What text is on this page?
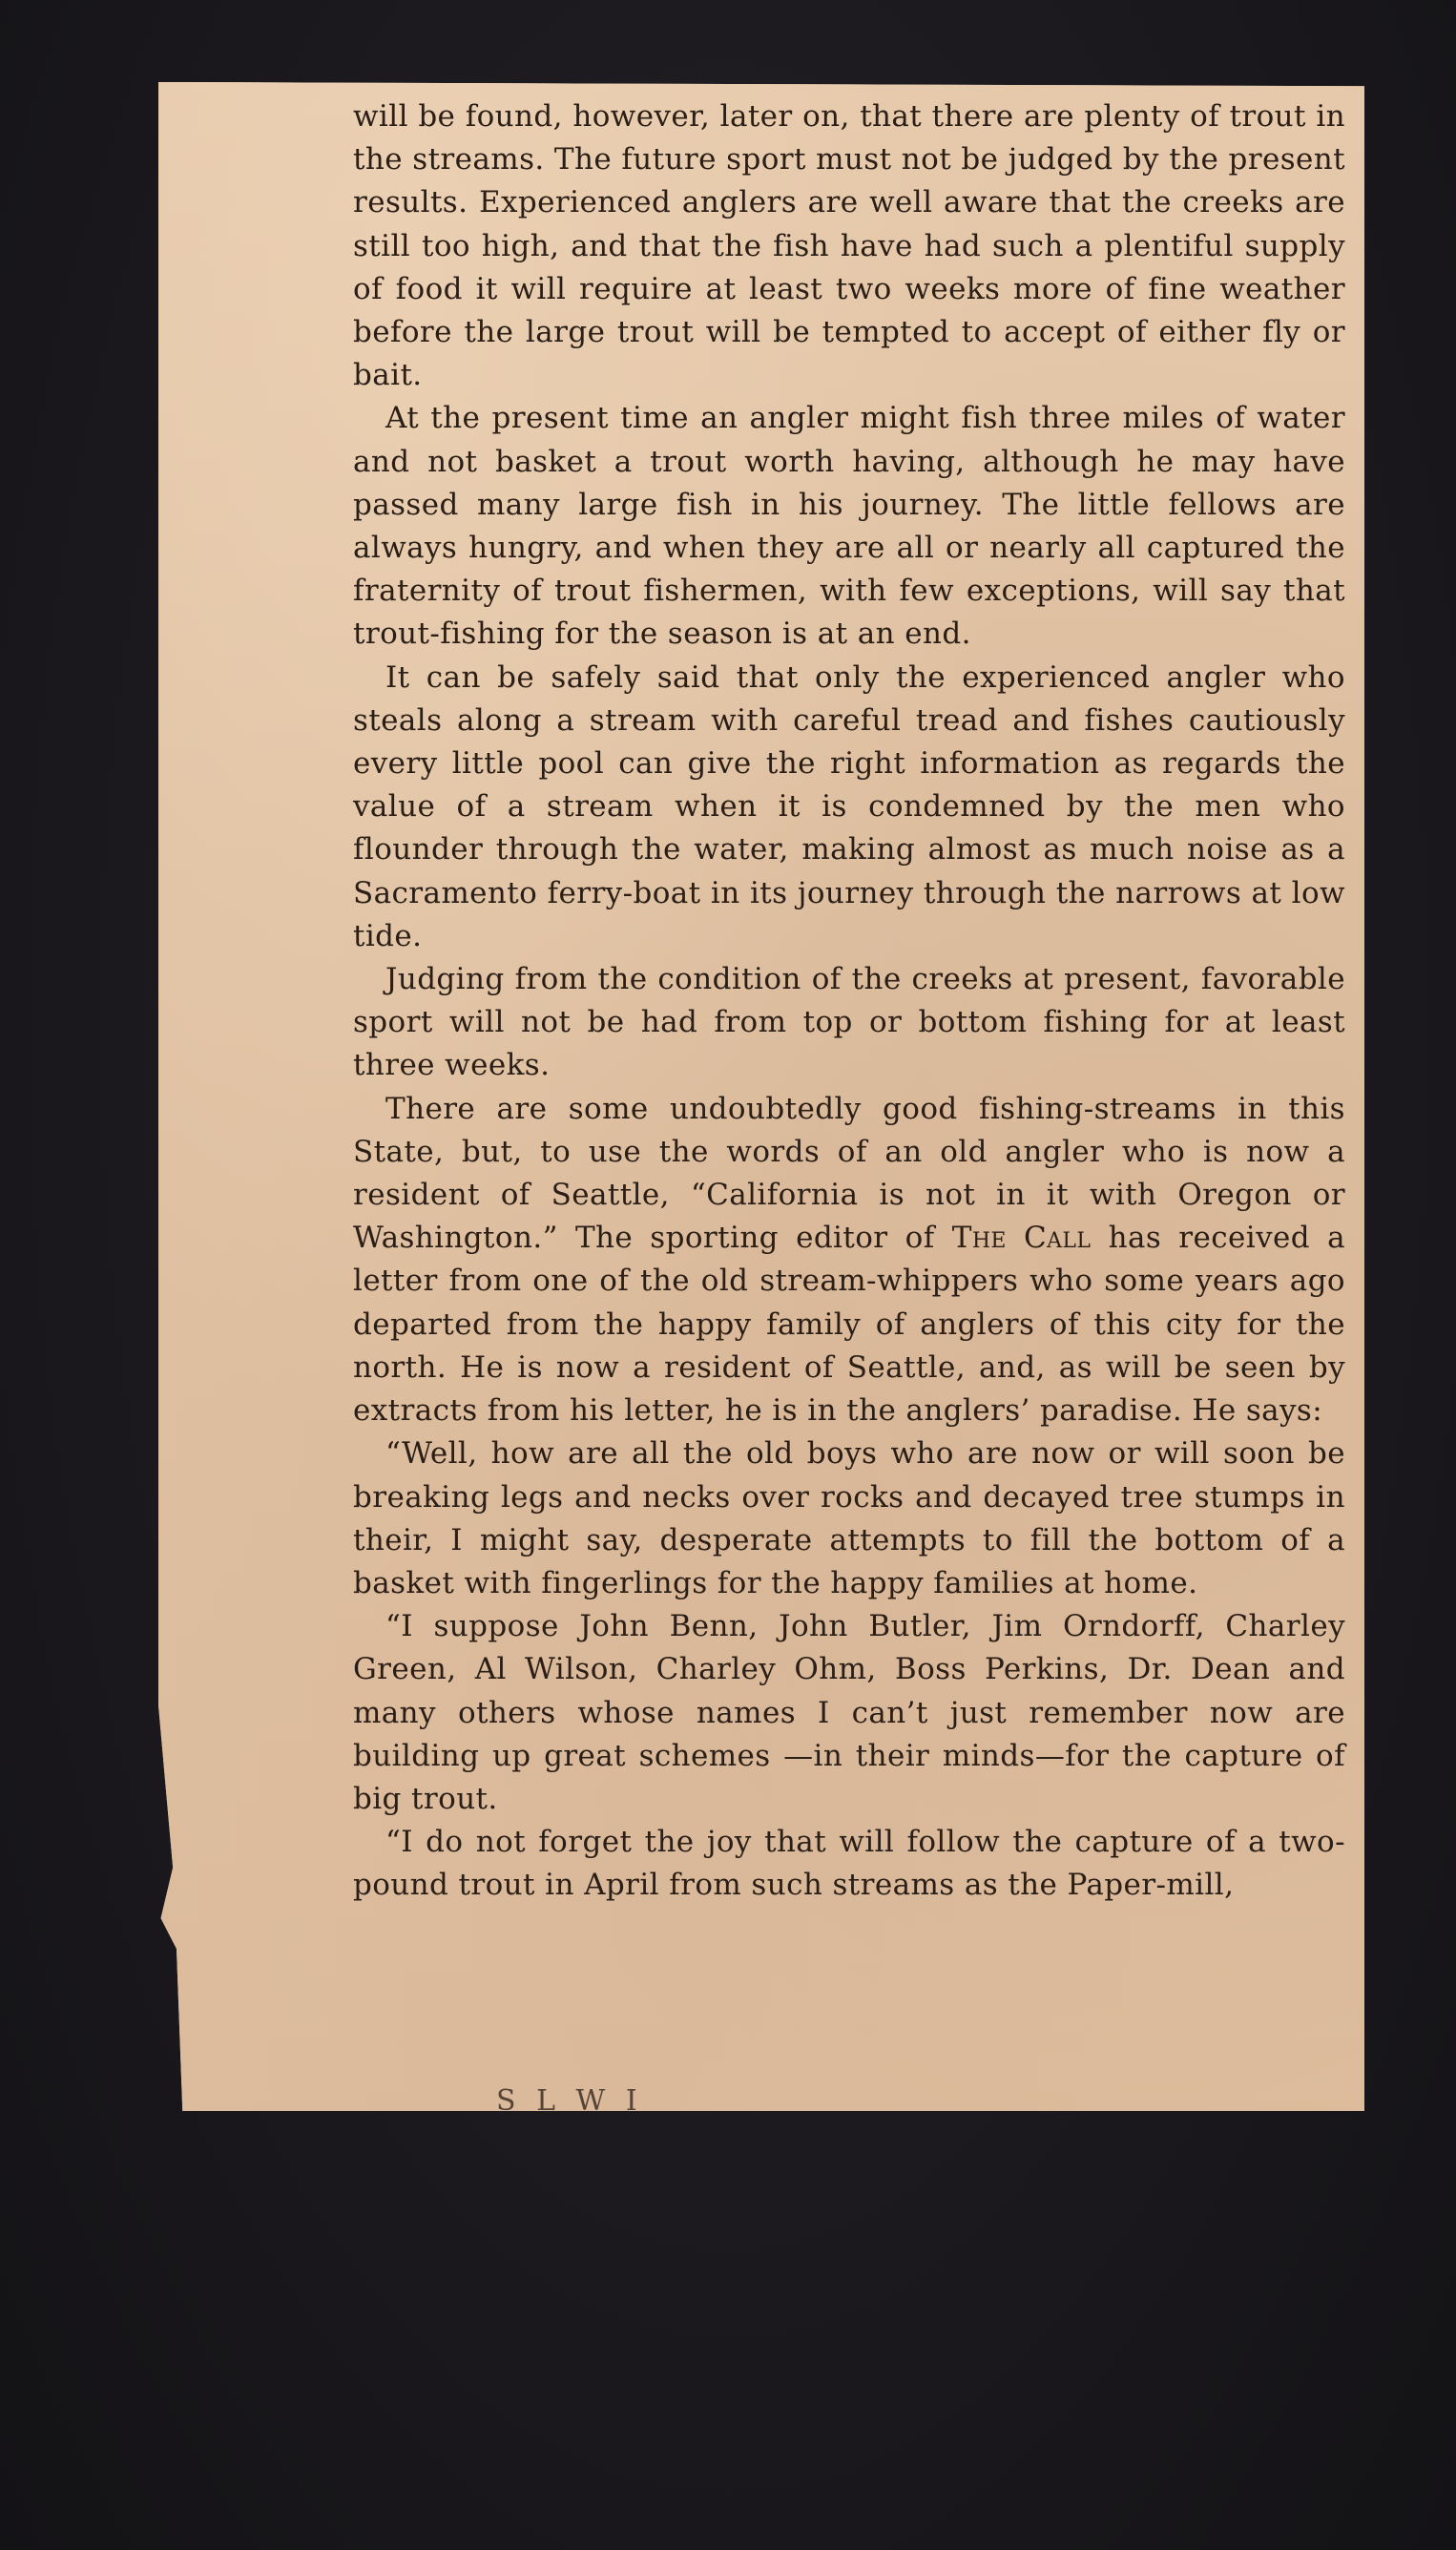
will be found, however, later on, that there are plenty of trout in the streams. The future sport must not be judged by the present results. Experienced anglers are well aware that the creeks are still too high, and that the fish have had such a plentiful supply of food it will require at least two weeks more of fine weather before the large trout will be tempted to accept of either fly or bait.

At the present time an angler might fish three miles of water and not basket a trout worth having, although he may have passed many large fish in his journey. The little fellows are always hungry, and when they are all or nearly all captured the fraternity of trout fishermen, with few exceptions, will say that trout-fishing for the season is at an end.

It can be safely said that only the experienced angler who steals along a stream with careful tread and fishes cautiously every little pool can give the right information as regards the value of a stream when it is condemned by the men who flounder through the water, making almost as much noise as a Sacramento ferry-boat in its journey through the narrows at low tide.

Judging from the condition of the creeks at present, favorable sport will not be had from top or bottom fishing for at least three weeks.

There are some undoubtedly good fishing-streams in this State, but, to use the words of an old angler who is now a resident of Seattle, “California is not in it with Oregon or Washington.” The sporting editor of The Call has received a letter from one of the old stream-whippers who some years ago departed from the happy family of anglers of this city for the north. He is now a resident of Seattle, and, as will be seen by extracts from his letter, he is in the anglers’ paradise. He says:

“Well, how are all the old boys who are now or will soon be breaking legs and necks over rocks and decayed tree stumps in their, I might say, desperate attempts to fill the bottom of a basket with fingerlings for the happy families at home.

“I suppose John Benn, John Butler, Jim Orndorff, Charley Green, Al Wilson, Charley Ohm, Boss Perkins, Dr. Dean and many others whose names I can’t just remember now are building up great schemes —in their minds—for the capture of big trout.

“I do not forget the joy that will follow the capture of a two-pound trout in April from such streams as the Paper-mill,

S L W I
